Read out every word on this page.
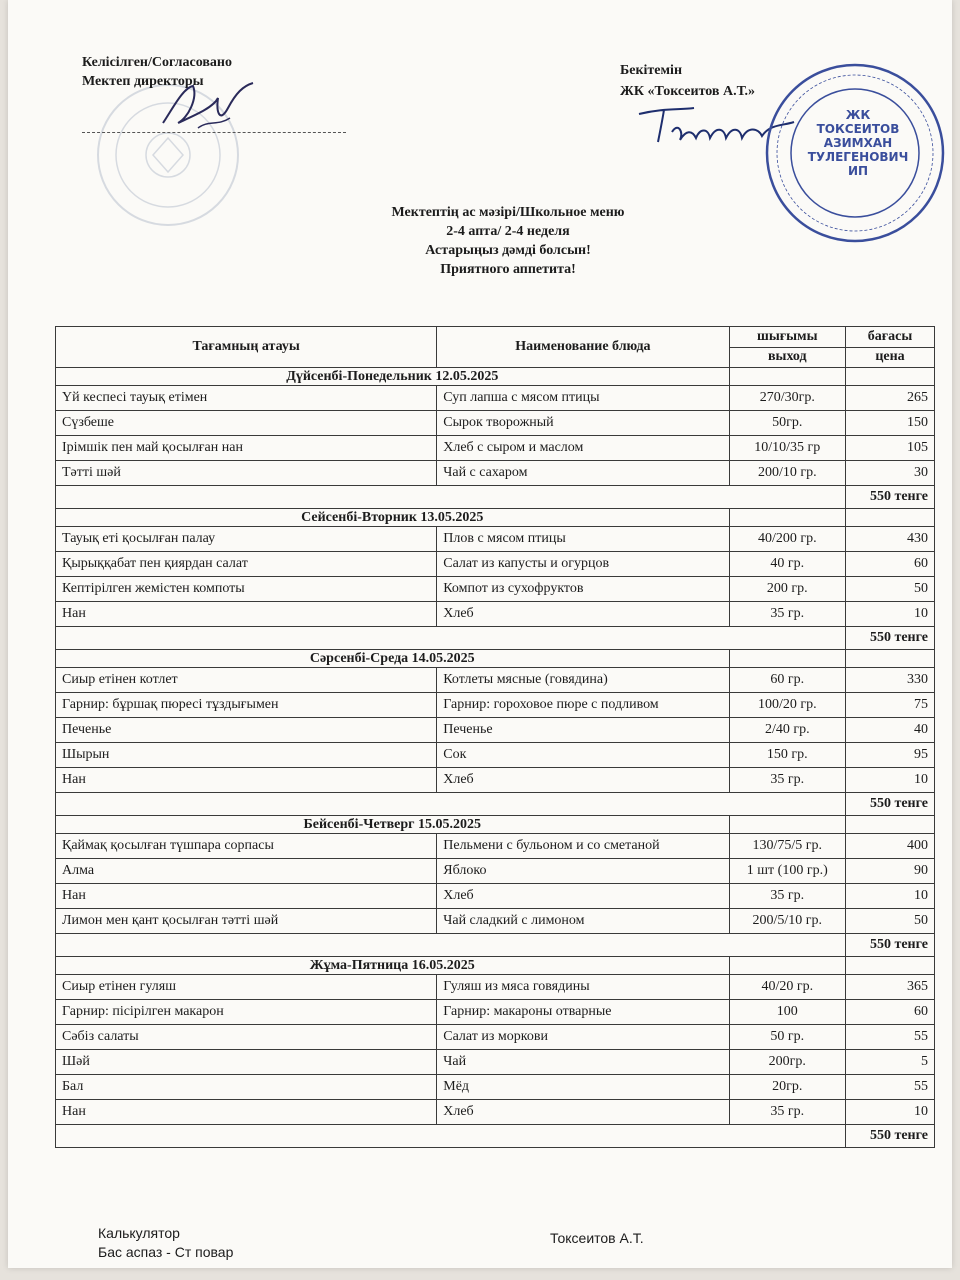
Келісілген/Согласовано
Мектеп директоры
Бекітемін
ЖК «Токсеитов А.Т.»
ЖК
ТОКСЕИТОВ
АЗИМХАН
ТУЛЕГЕНОВИЧ
ИП
Мектептің ас мәзірі/Школьное меню
2-4 апта/ 2-4 неделя
Астарыңыз дәмді болсын!
Приятного аппетита!
Тағамның атауы	Наименование блюда	шығымы	бағасы
		выход	цена
Дүйсенбі-Понедельник 12.05.2025			
Үй кеспесі тауық етімен	Суп лапша с мясом птицы	270/30гр.	265
Сүзбеше	Сырок творожный	50гр.	150
Ірімшік пен май қосылған нан	Хлеб с сыром и маслом	10/10/35 гр	105
Тәтті шәй	Чай с сахаром	200/10 гр.	30
			550 тенге
Сейсенбі-Вторник 13.05.2025			
Тауық еті қосылған палау	Плов с мясом птицы	40/200 гр.	430
Қырыққабат пен қиярдан салат	Салат из капусты и огурцов	40 гр.	60
Кептірілген жемістен компоты	Компот из сухофруктов	200 гр.	50
Нан	Хлеб	35 гр.	10
			550 тенге
Сәрсенбі-Среда 14.05.2025			
Сиыр етінен котлет	Котлеты мясные (говядина)	60 гр.	330
Гарнир: бұршақ пюресі тұздығымен	Гарнир: гороховое пюре с подливом	100/20 гр.	75
Печенье	Печенье	2/40 гр.	40
Шырын	Сок	150 гр.	95
Нан	Хлеб	35 гр.	10
			550 тенге
Бейсенбі-Четверг 15.05.2025			
Қаймақ қосылған түшпара сорпасы	Пельмени с бульоном и со сметаной	130/75/5 гр.	400
Алма	Яблоко	1 шт (100 гр.)	90
Нан	Хлеб	35 гр.	10
Лимон мен қант қосылған тәтті шәй	Чай сладкий с лимоном	200/5/10 гр.	50
			550 тенге
Жұма-Пятница 16.05.2025			
Сиыр етінен гуляш	Гуляш из мяса говядины	40/20 гр.	365
Гарнир: пісірілген макарон	Гарнир: макароны отварные	100	60
Сәбіз салаты	Салат из моркови	50 гр.	55
Шәй	Чай	200гр.	5
Бал	Мёд	20гр.	55
Нан	Хлеб	35 гр.	10
			550 тенге
Калькулятор
Бас аспаз - Ст повар
Токсеитов А.Т.
